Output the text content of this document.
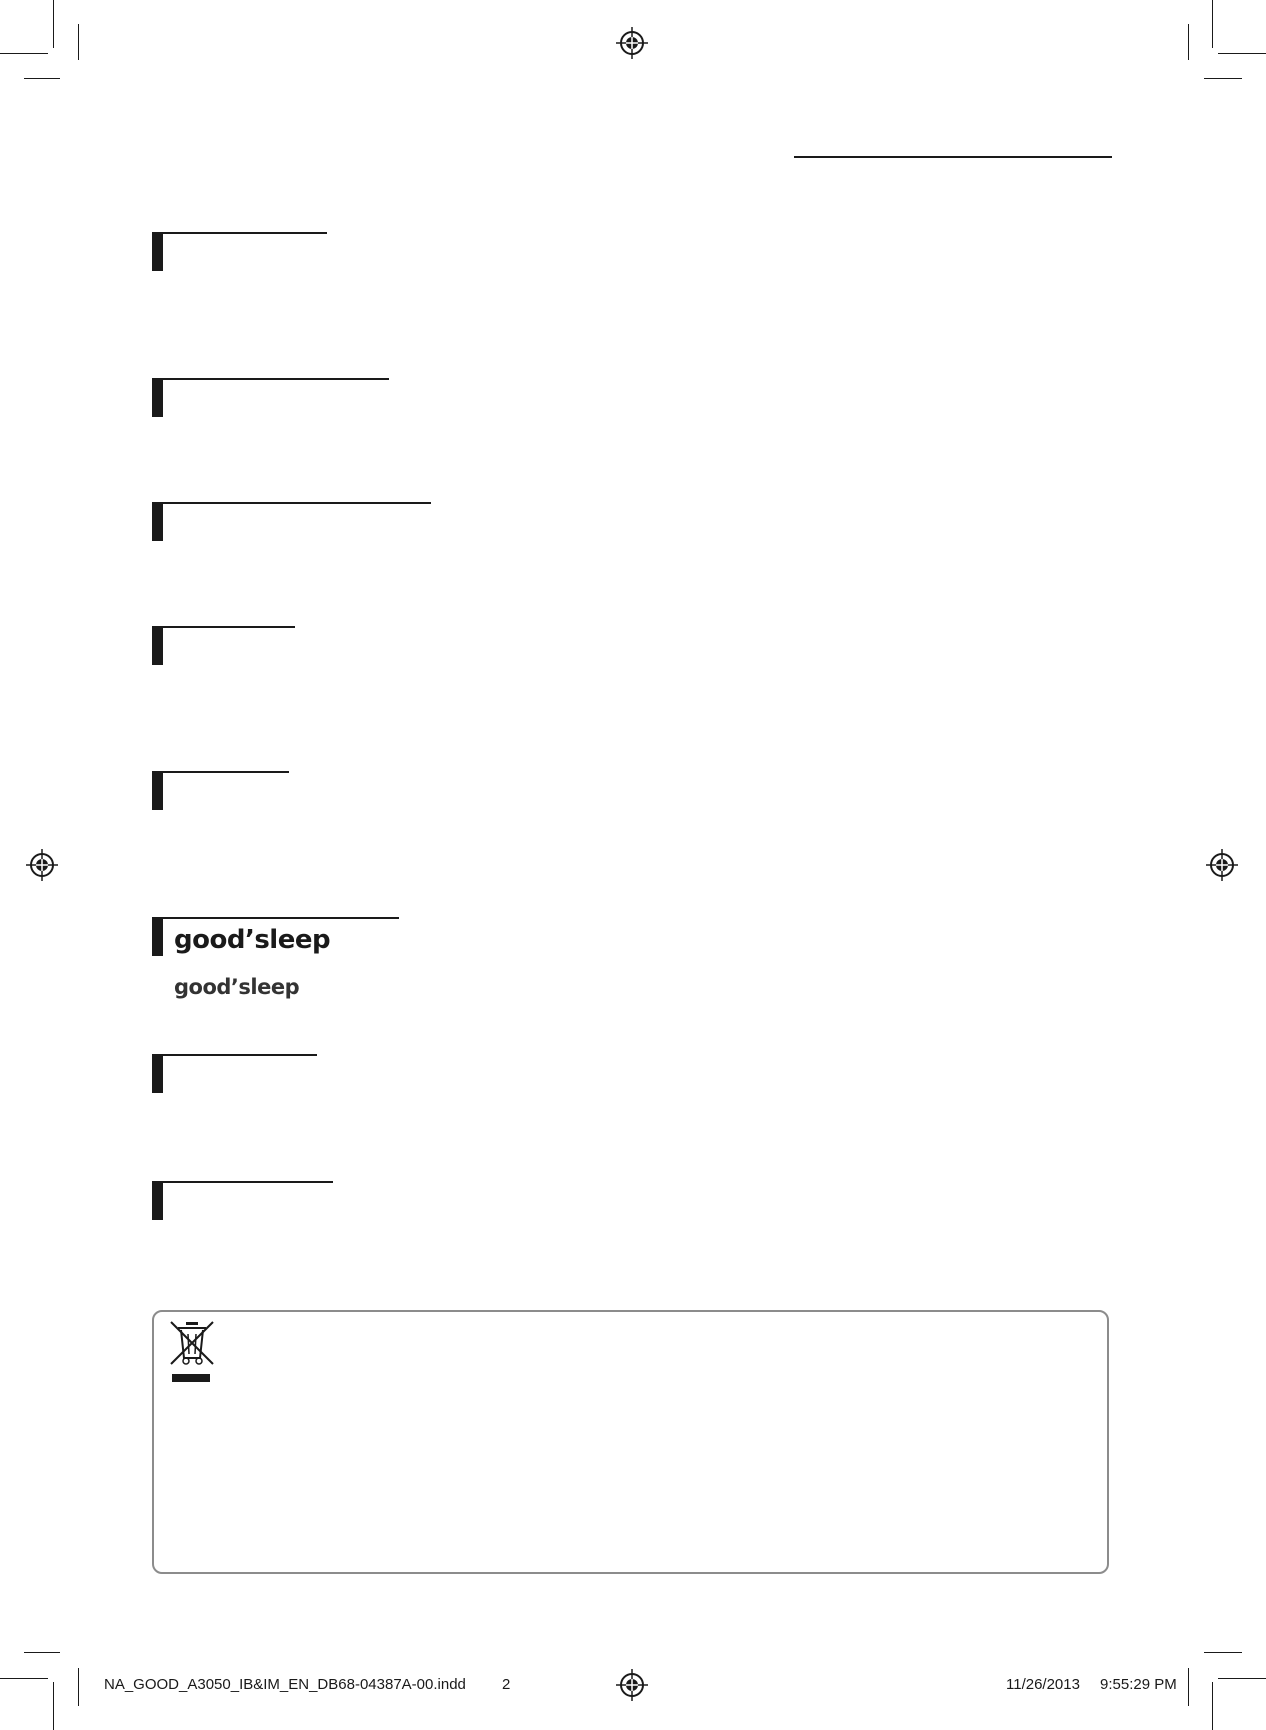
good’sleep
good’sleep
NA_GOOD_A3050_IB&IM_EN_DB68-04387A-00.indd 2	11/26/2013 9:55:29 PM
